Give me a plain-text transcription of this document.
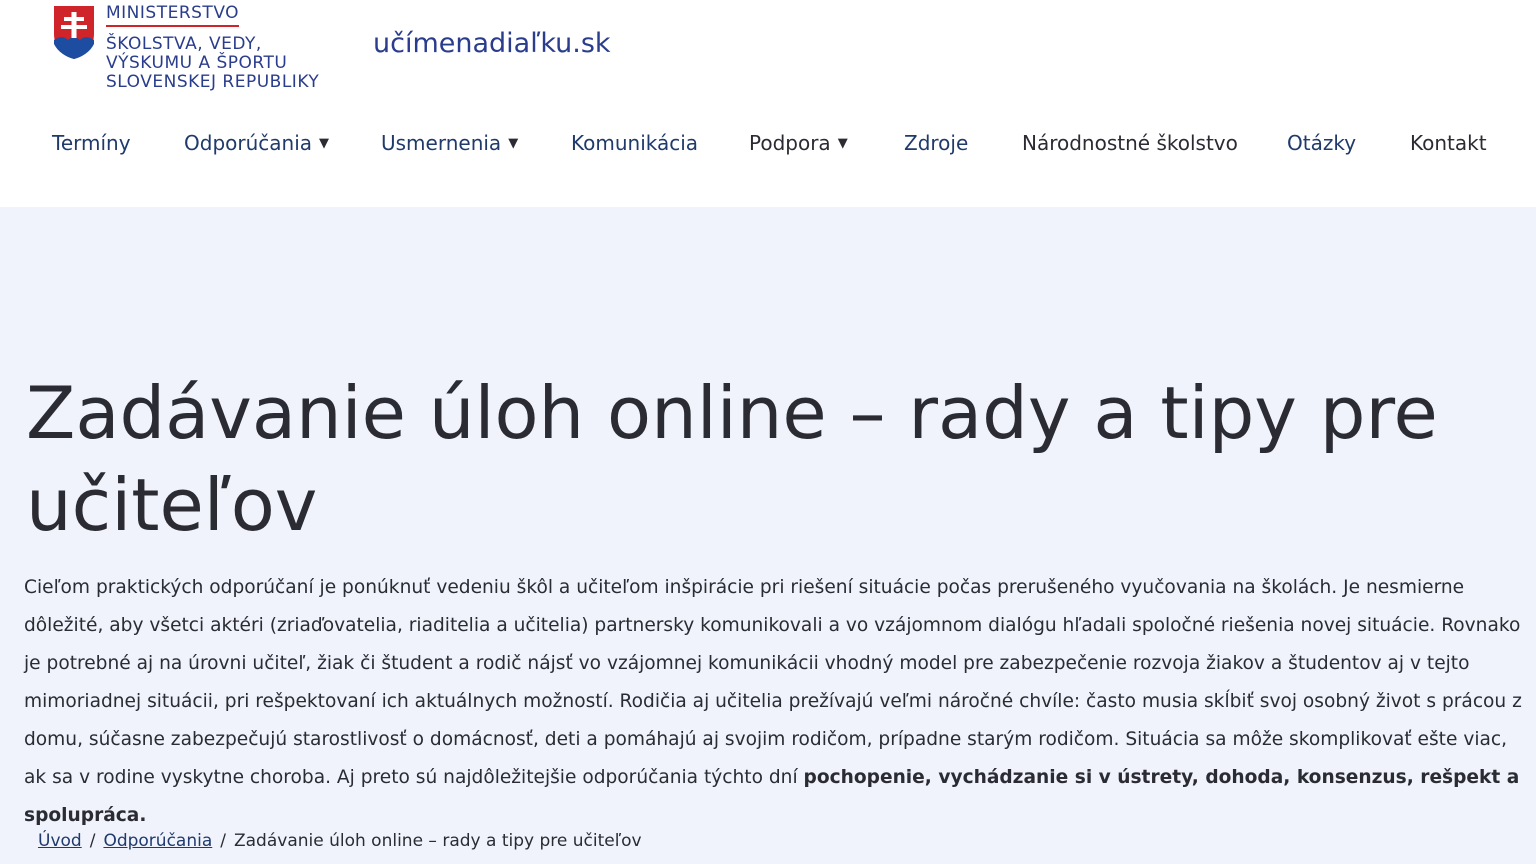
MINISTERSTVO
ŠKOLSTVA, VEDY,
VÝSKUMU A ŠPORTU
SLOVENSKEJ REPUBLIKY
učímenadiaľku.sk
Termíny	Odporúčania ▼	Usmernenia ▼	Komunikácia	Podpora ▼	Zdroje	Národnostné školstvo Otázky	Kontakt
Zadávanie úloh online – rady a tipy pre učiteľov

Cieľom praktických odporúčaní je ponúknuť vedeniu škôl a učiteľom inšpirácie pri riešení situácie počas prerušeného vyučovania na školách. Je nesmierne dôležité, aby všetci aktéri (zriaďovatelia, riaditelia a učitelia) partnersky komunikovali a vo vzájomnom dialógu hľadali spoločné riešenia novej situácie. Rovnako je potrebné aj na úrovni učiteľ, žiak či študent a rodič nájsť vo vzájomnej komunikácii vhodný model pre zabezpečenie rozvoja žiakov a študentov aj v tejto mimoriadnej situácii, pri rešpektovaní ich aktuálnych možností. Rodičia aj učitelia prežívajú veľmi náročné chvíle: často musia skĺbiť svoj osobný život s prácou z domu, súčasne zabezpečujú starostlivosť o domácnosť, deti a pomáhajú aj svojim rodičom, prípadne starým rodičom. Situácia sa môže skomplikovať ešte viac, ak sa v rodine vyskytne choroba. Aj preto sú najdôležitejšie odporúčania týchto dní pochopenie, vychádzanie si v ústrety, dohoda, konsenzus, rešpekt a spolupráca.

Úvod / Odporúčania / Zadávanie úloh online – rady a tipy pre učiteľov
